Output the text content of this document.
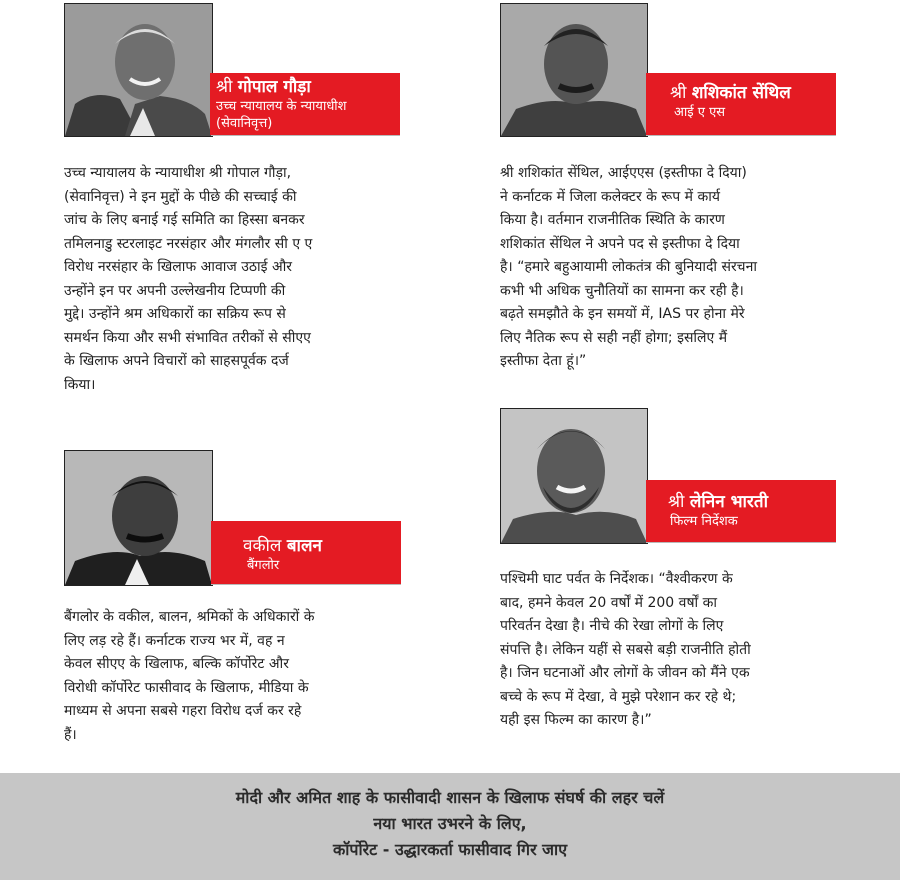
श्री गोपाल गौड़ा
उच्च न्यायालय के न्यायाधीश
(सेवानिवृत्त)
उच्च न्यायालय के न्यायाधीश श्री गोपाल गौड़ा,
(सेवानिवृत्त) ने इन मुद्दों के पीछे की सच्चाई की
जांच के लिए बनाई गई समिति का हिस्सा बनकर
तमिलनाडु स्टरलाइट नरसंहार और मंगलौर सी ए ए
विरोध नरसंहार के खिलाफ आवाज उठाई और
उन्होंने इन पर अपनी उल्लेखनीय टिप्पणी की
मुद्दे। उन्होंने श्रम अधिकारों का सक्रिय रूप से
समर्थन किया और सभी संभावित तरीकों से सीएए
के खिलाफ अपने विचारों को साहसपूर्वक दर्ज
किया।
श्री शशिकांत सेंथिल
आई ए एस
श्री शशिकांत सेंथिल, आईएएस (इस्तीफा दे दिया)
ने कर्नाटक में जिला कलेक्टर के रूप में कार्य
किया है। वर्तमान राजनीतिक स्थिति के कारण
शशिकांत सेंथिल ने अपने पद से इस्तीफा दे दिया
है। “हमारे बहुआयामी लोकतंत्र की बुनियादी संरचना
कभी भी अधिक चुनौतियों का सामना कर रही है।
बढ़ते समझौते के इन समयों में, IAS पर होना मेरे
लिए नैतिक रूप से सही नहीं होगा; इसलिए मैं
इस्तीफा देता हूं।”
वकील बालन
बैंगलोर
बैंगलोर के वकील, बालन, श्रमिकों के अधिकारों के
लिए लड़ रहे हैं। कर्नाटक राज्य भर में, वह न
केवल सीएए के खिलाफ, बल्कि कॉर्पोरेट और
विरोधी कॉर्पोरेट फासीवाद के खिलाफ, मीडिया के
माध्यम से अपना सबसे गहरा विरोध दर्ज कर रहे
हैं।
श्री लेनिन भारती
फिल्म निर्देशक
पश्चिमी घाट पर्वत के निर्देशक। “वैश्वीकरण के
बाद, हमने केवल 20 वर्षों में 200 वर्षों का
परिवर्तन देखा है। नीचे की रेखा लोगों के लिए
संपत्ति है। लेकिन यहीं से सबसे बड़ी राजनीति होती
है। जिन घटनाओं और लोगों के जीवन को मैंने एक
बच्चे के रूप में देखा, वे मुझे परेशान कर रहे थे;
यही इस फिल्म का कारण है।”
मोदी और अमित शाह के फासीवादी शासन के खिलाफ संघर्ष की लहर चलें
नया भारत उभरने के लिए,
कॉर्पोरेट - उद्धारकर्ता फासीवाद गिर जाए
